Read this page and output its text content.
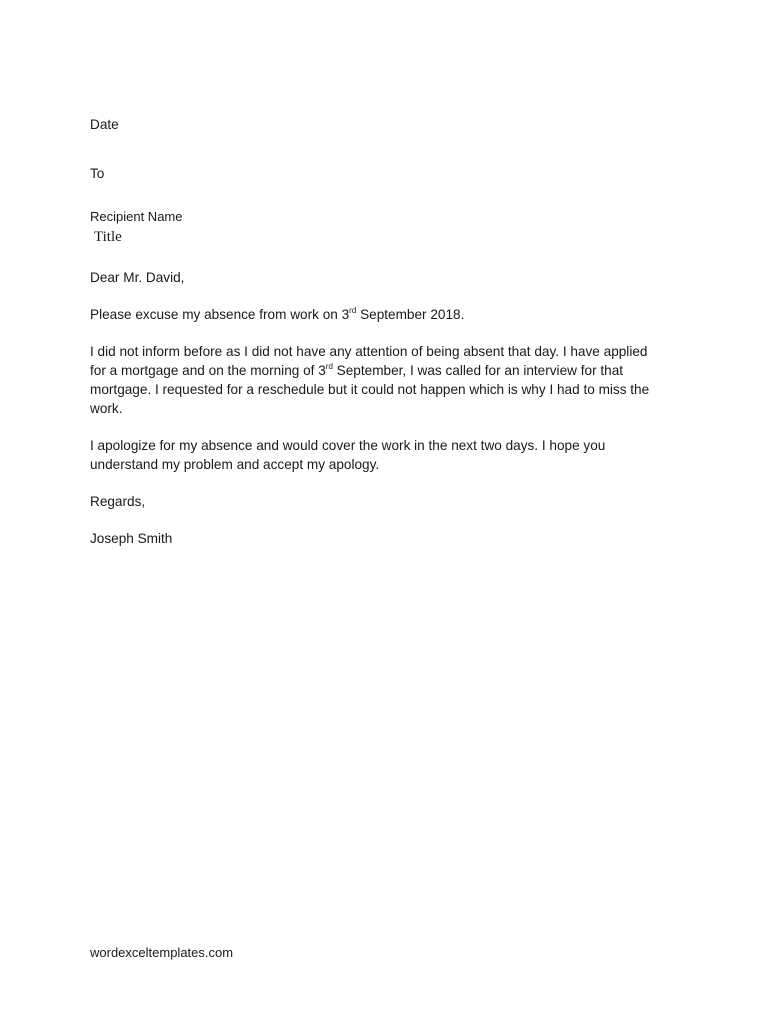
Date
To
Recipient Name
Title
Dear Mr. David,
Please excuse my absence from work on 3rd September 2018.
I did not inform before as I did not have any attention of being absent that day. I have applied
for a mortgage and on the morning of 3rd September, I was called for an interview for that
mortgage. I requested for a reschedule but it could not happen which is why I had to miss the
work.
I apologize for my absence and would cover the work in the next two days. I hope you
understand my problem and accept my apology.
Regards,
Joseph Smith
wordexceltemplates.com
